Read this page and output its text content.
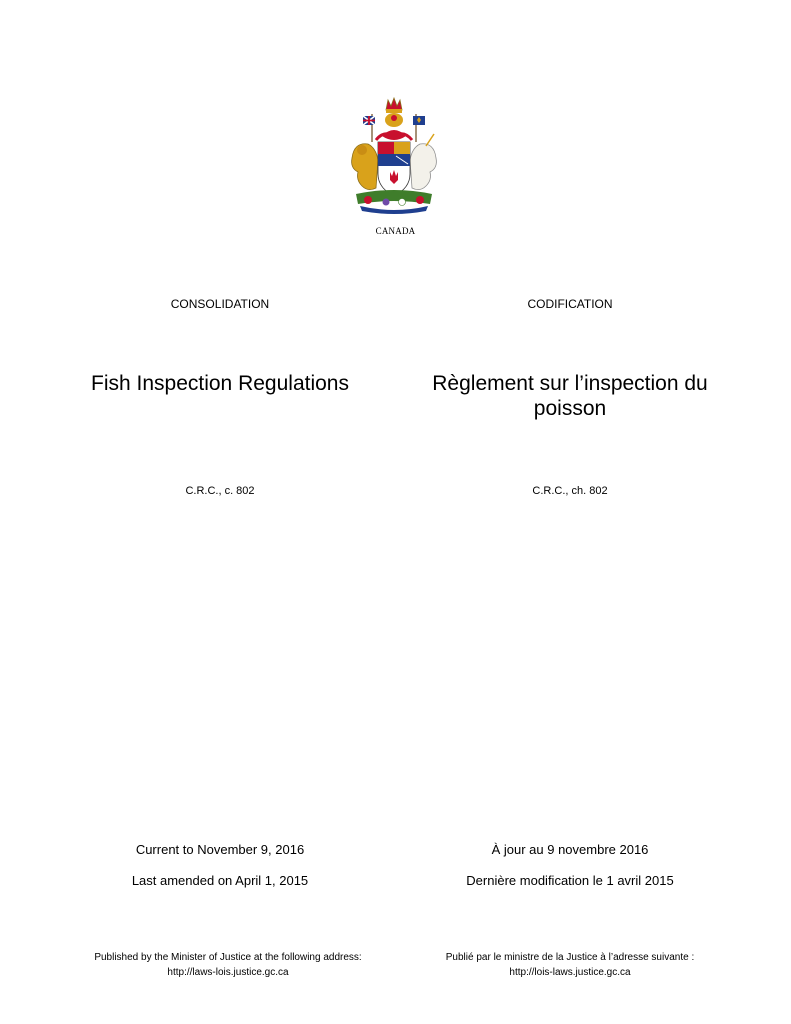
CANADA
CONSOLIDATION	CODIFICATION
Fish Inspection Regulations	Règlement sur l’inspection du poisson
C.R.C., c. 802	C.R.C., ch. 802
Current to November 9, 2016	À jour au 9 novembre 2016
Last amended on April 1, 2015	Dernière modification le 1 avril 2015
Published by the Minister of Justice at the following address:
http://laws-lois.justice.gc.ca
Publié par le ministre de la Justice à l’adresse suivante :
http://lois-laws.justice.gc.ca
